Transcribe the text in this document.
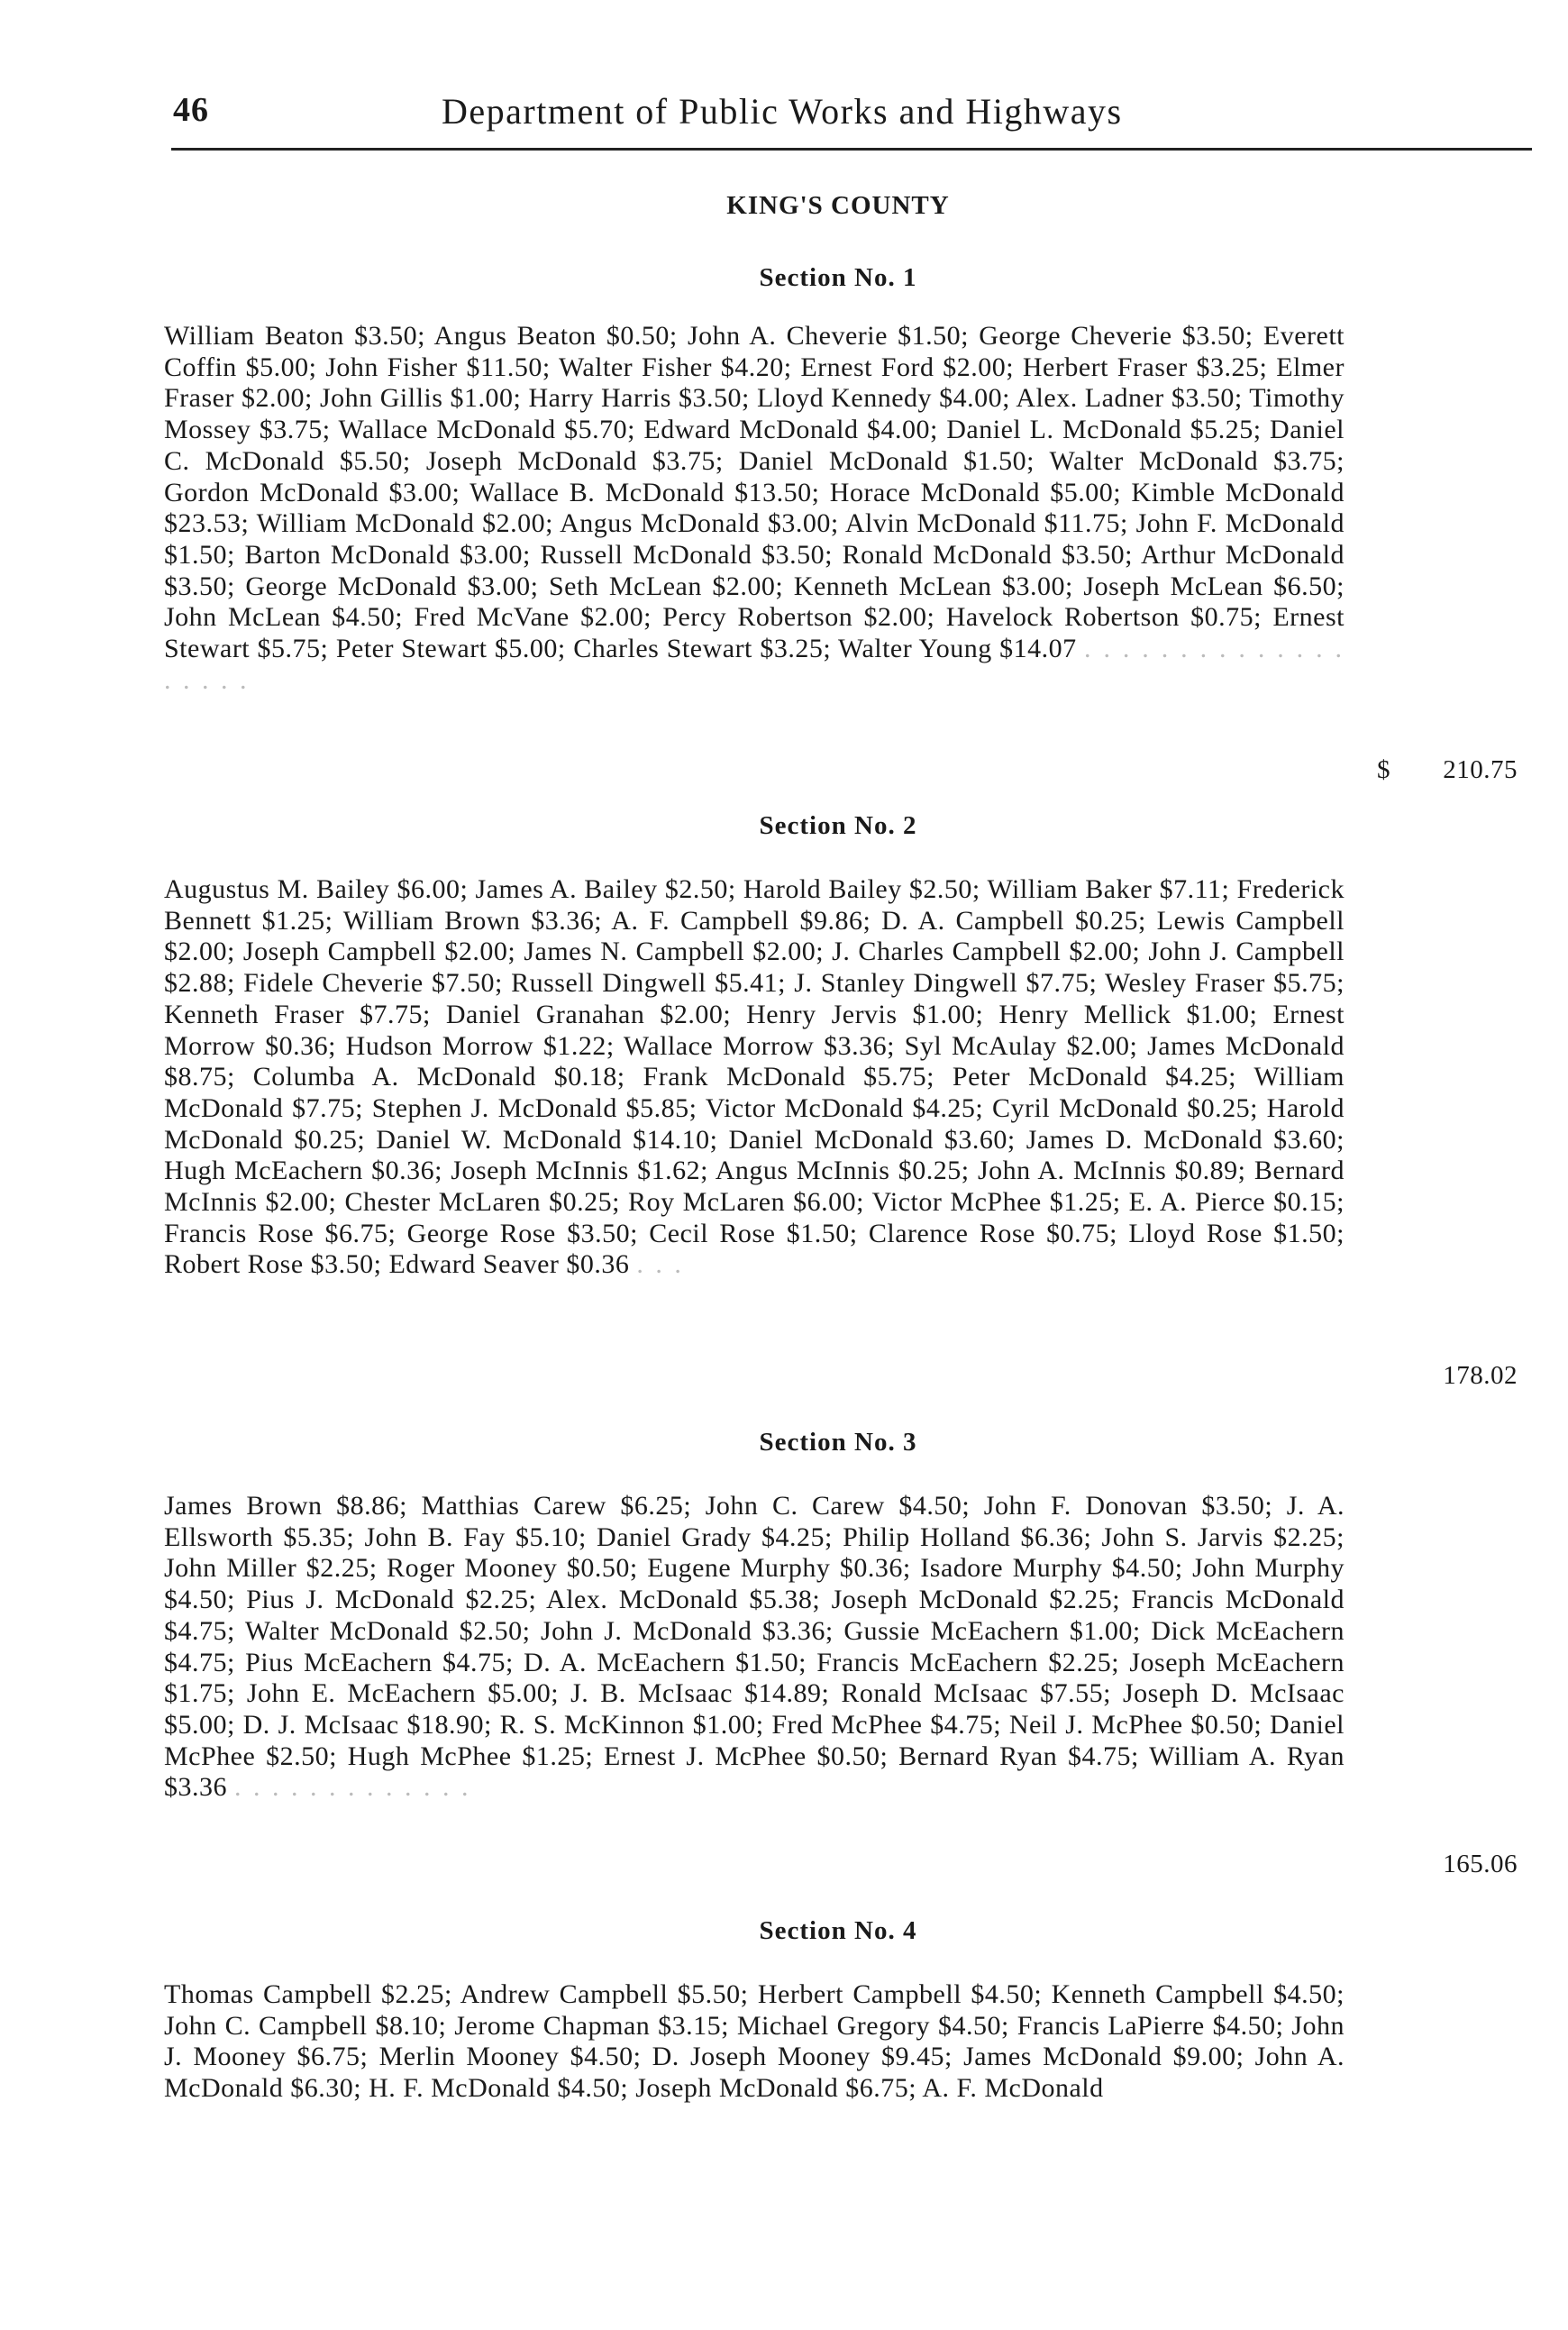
46	Department of Public Works and Highways
KING'S COUNTY
Section No. 1

William Beaton $3.50; Angus Beaton $0.50; John A. Cheverie $1.50; George Cheverie $3.50; Everett Coffin $5.00; John Fisher $11.50; Walter Fisher $4.20; Ernest Ford $2.00; Herbert Fraser $3.25; Elmer Fraser $2.00; John Gillis $1.00; Harry Harris $3.50; Lloyd Kennedy $4.00; Alex. Ladner $3.50; Timothy Mossey $3.75; Wallace McDonald $5.70; Edward McDonald $4.00; Daniel L. McDonald $5.25; Daniel C. McDonald $5.50; Joseph McDonald $3.75; Daniel McDonald $1.50; Walter McDonald $3.75; Gordon McDonald $3.00; Wallace B. McDonald $13.50; Horace McDonald $5.00; Kimble McDonald $23.53; William McDonald $2.00; Angus McDonald $3.00; Alvin McDonald $11.75; John F. McDonald $1.50; Barton McDonald $3.00; Russell McDonald $3.50; Ronald McDonald $3.50; Arthur McDonald $3.50; George McDonald $3.00; Seth McLean $2.00; Kenneth McLean $3.00; Joseph McLean $6.50; John McLean $4.50; Fred McVane $2.00; Percy Robertson $2.00; Havelock Robertson $0.75; Ernest Stewart $5.75; Peter Stewart $5.00; Charles Stewart $3.25; Walter Young $14.07 . . . . . . . . . . . . . . . . . . .

$ 210.75
Section No. 2

Augustus M. Bailey $6.00; James A. Bailey $2.50; Harold Bailey $2.50; William Baker $7.11; Frederick Bennett $1.25; William Brown $3.36; A. F. Campbell $9.86; D. A. Campbell $0.25; Lewis Campbell $2.00; Joseph Campbell $2.00; James N. Campbell $2.00; J. Charles Campbell $2.00; John J. Campbell $2.88; Fidele Cheverie $7.50; Russell Dingwell $5.41; J. Stanley Dingwell $7.75; Wesley Fraser $5.75; Kenneth Fraser $7.75; Daniel Granahan $2.00; Henry Jervis $1.00; Henry Mellick $1.00; Ernest Morrow $0.36; Hudson Morrow $1.22; Wallace Morrow $3.36; Syl McAulay $2.00; James McDonald $8.75; Columba A. McDonald $0.18; Frank McDonald $5.75; Peter McDonald $4.25; William McDonald $7.75; Stephen J. McDonald $5.85; Victor McDonald $4.25; Cyril McDonald $0.25; Harold McDonald $0.25; Daniel W. McDonald $14.10; Daniel McDonald $3.60; James D. McDonald $3.60; Hugh McEachern $0.36; Joseph McInnis $1.62; Angus McInnis $0.25; John A. McInnis $0.89; Bernard McInnis $2.00; Chester McLaren $0.25; Roy McLaren $6.00; Victor McPhee $1.25; E. A. Pierce $0.15; Francis Rose $6.75; George Rose $3.50; Cecil Rose $1.50; Clarence Rose $0.75; Lloyd Rose $1.50; Robert Rose $3.50; Edward Seaver $0.36 . . .

178.02
Section No. 3

James Brown $8.86; Matthias Carew $6.25; John C. Carew $4.50; John F. Donovan $3.50; J. A. Ellsworth $5.35; John B. Fay $5.10; Daniel Grady $4.25; Philip Holland $6.36; John S. Jarvis $2.25; John Miller $2.25; Roger Mooney $0.50; Eugene Murphy $0.36; Isadore Murphy $4.50; John Murphy $4.50; Pius J. McDonald $2.25; Alex. McDonald $5.38; Joseph McDonald $2.25; Francis McDonald $4.75; Walter McDonald $2.50; John J. McDonald $3.36; Gussie McEachern $1.00; Dick McEachern $4.75; Pius McEachern $4.75; D. A. McEachern $1.50; Francis McEachern $2.25; Joseph McEachern $1.75; John E. McEachern $5.00; J. B. McIsaac $14.89; Ronald McIsaac $7.55; Joseph D. McIsaac $5.00; D. J. McIsaac $18.90; R. S. McKinnon $1.00; Fred McPhee $4.75; Neil J. McPhee $0.50; Daniel McPhee $2.50; Hugh McPhee $1.25; Ernest J. McPhee $0.50; Bernard Ryan $4.75; William A. Ryan $3.36 . . . . . . . . . . . . .

165.06
Section No. 4

Thomas Campbell $2.25; Andrew Campbell $5.50; Herbert Campbell $4.50; Kenneth Campbell $4.50; John C. Campbell $8.10; Jerome Chapman $3.15; Michael Gregory $4.50; Francis LaPierre $4.50; John J. Mooney $6.75; Merlin Mooney $4.50; D. Joseph Mooney $9.45; James McDonald $9.00; John A. McDonald $6.30; H. F. McDonald $4.50; Joseph McDonald $6.75; A. F. McDonald
